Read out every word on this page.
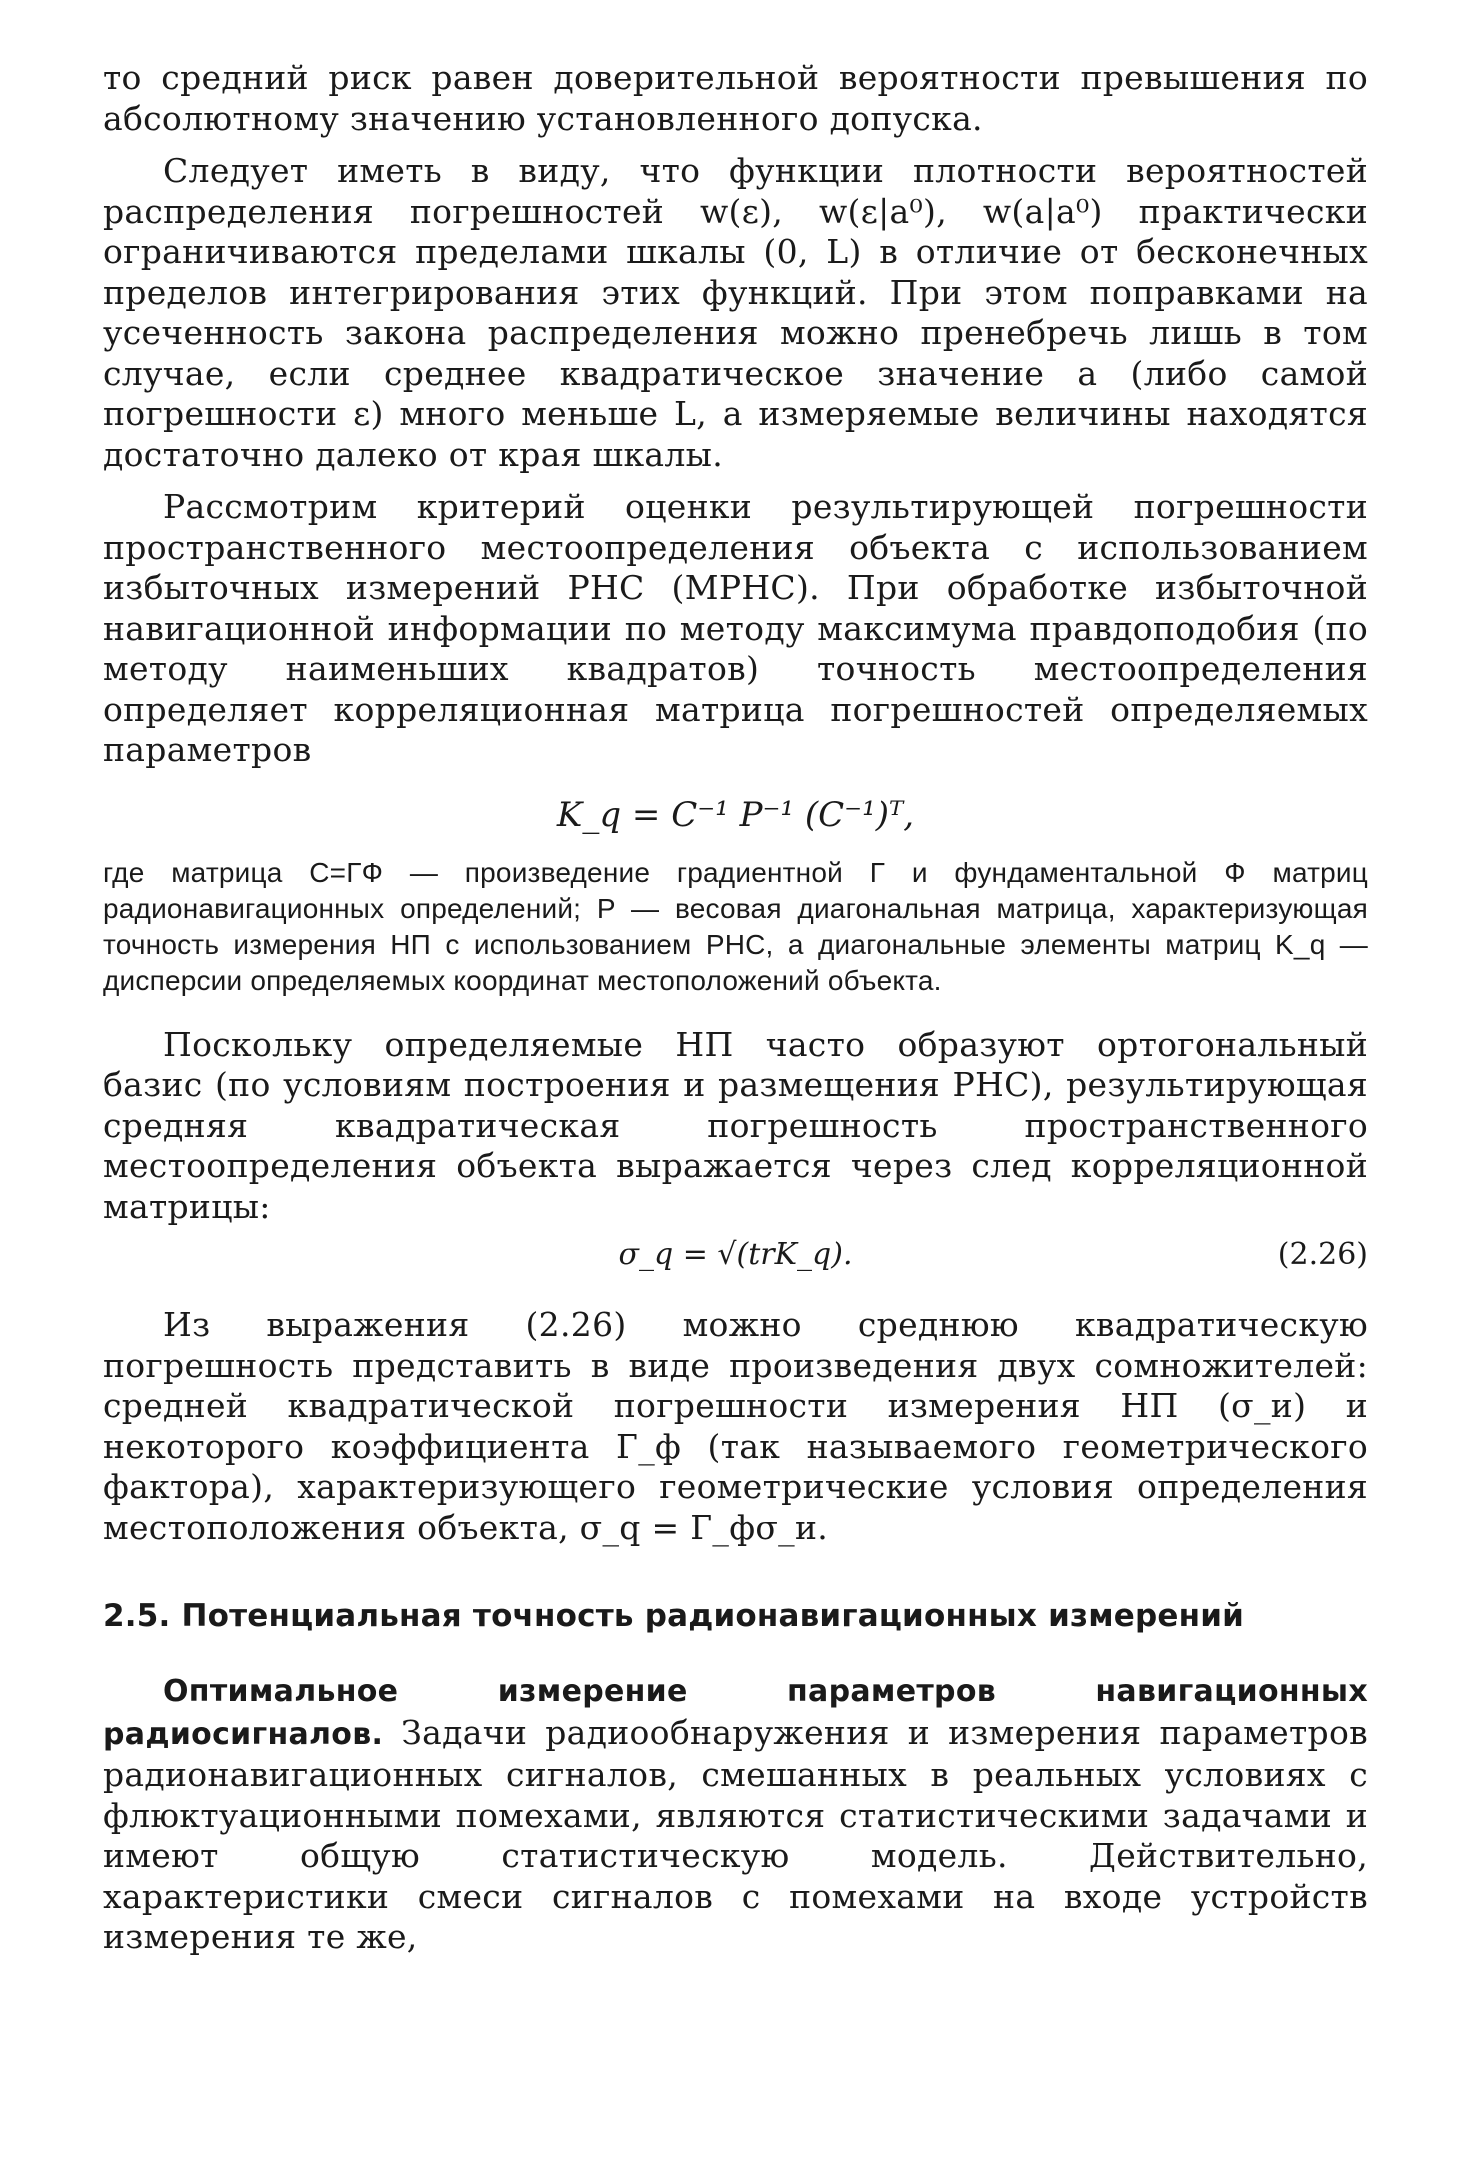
то средний риск равен доверительной вероятности превышения по абсолютному значению установленного допуска.

Следует иметь в виду, что функции плотности вероятностей распределения погрешностей w(ε), w(ε|a⁰), w(a|a⁰) практически ограничиваются пределами шкалы (0, L) в отличие от бесконечных пределов интегрирования этих функций. При этом поправками на усеченность закона распределения можно пренебречь лишь в том случае, если среднее квадратическое значение a (либо самой погрешности ε) много меньше L, а измеряемые величины находятся достаточно далеко от края шкалы.

Рассмотрим критерий оценки результирующей погрешности пространственного местоопределения объекта с использованием избыточных измерений РНС (МРНС). При обработке избыточной навигационной информации по методу максимума правдоподобия (по методу наименьших квадратов) точность местоопределения определяет корреляционная матрица погрешностей определяемых параметров

K_q = C⁻¹ P⁻¹ (C⁻¹)ᵀ,

где матрица C=ГФ — произведение градиентной Г и фундаментальной Ф матриц радионавигационных определений; P — весовая диагональная матрица, характеризующая точность измерения НП с использованием РНС, а диагональные элементы матриц K_q — дисперсии определяемых координат местоположений объекта.

Поскольку определяемые НП часто образуют ортогональный базис (по условиям построения и размещения РНС), результирующая средняя квадратическая погрешность пространственного местоопределения объекта выражается через след корреляционной матрицы:

σ_q = √(trK_q).	(2.26)

Из выражения (2.26) можно среднюю квадратическую погрешность представить в виде произведения двух сомножителей: средней квадратической погрешности измерения НП (σ_и) и некоторого коэффициента Г_ф (так называемого геометрического фактора), характеризующего геометрические условия определения местоположения объекта, σ_q = Г_фσ_и.

2.5. Потенциальная точность радионавигационных измерений

Оптимальное измерение параметров навигационных радиосигналов. Задачи радиообнаружения и измерения параметров радионавигационных сигналов, смешанных в реальных условиях с флюктуационными помехами, являются статистическими задачами и имеют общую статистическую модель. Действительно, характеристики смеси сигналов с помехами на входе устройств измерения те же,
